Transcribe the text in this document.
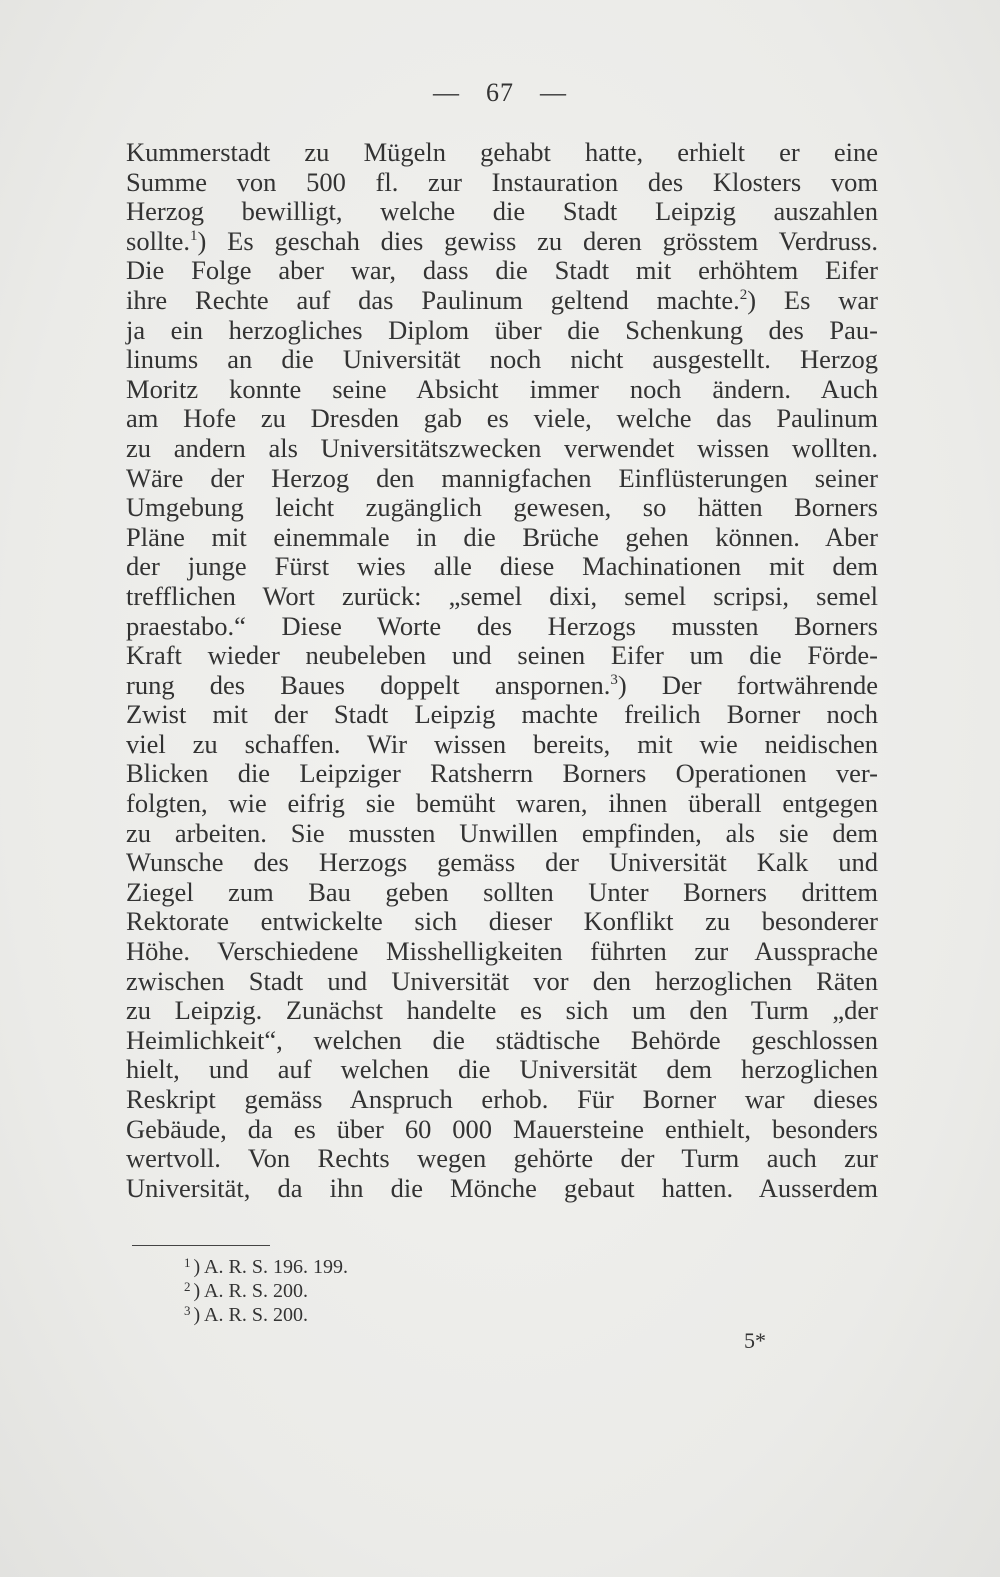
— 67 —
Kummerstadt zu Mügeln gehabt hatte, erhielt er eine
Summe von 500 fl. zur Instauration des Klosters vom
Herzog bewilligt, welche die Stadt Leipzig auszahlen
sollte.$^1$) Es geschah dies gewiss zu deren grösstem Verdruss.
Die Folge aber war, dass die Stadt mit erhöhtem Eifer
ihre Rechte auf das Paulinum geltend machte.$^2$) Es war
ja ein herzogliches Diplom über die Schenkung des Pau-
linums an die Universität noch nicht ausgestellt. Herzog
Moritz konnte seine Absicht immer noch ändern. Auch
am Hofe zu Dresden gab es viele, welche das Paulinum
zu andern als Universitätszwecken verwendet wissen wollten.
Wäre der Herzog den mannigfachen Einflüsterungen seiner
Umgebung leicht zugänglich gewesen, so hätten Borners
Pläne mit einemmale in die Brüche gehen können. Aber
der junge Fürst wies alle diese Machinationen mit dem
trefflichen Wort zurück: „semel dixi, semel scripsi, semel
praestabo.“ Diese Worte des Herzogs mussten Borners
Kraft wieder neubeleben und seinen Eifer um die Förde-
rung des Baues doppelt anspornen.$^3$) Der fortwährende
Zwist mit der Stadt Leipzig machte freilich Borner noch
viel zu schaffen. Wir wissen bereits, mit wie neidischen
Blicken die Leipziger Ratsherrn Borners Operationen ver-
folgten, wie eifrig sie bemüht waren, ihnen überall entgegen
zu arbeiten. Sie mussten Unwillen empfinden, als sie dem
Wunsche des Herzogs gemäss der Universität Kalk und
Ziegel zum Bau geben sollten Unter Borners drittem
Rektorate entwickelte sich dieser Konflikt zu besonderer
Höhe. Verschiedene Misshelligkeiten führten zur Aussprache
zwischen Stadt und Universität vor den herzoglichen Räten
zu Leipzig. Zunächst handelte es sich um den Turm „der
Heimlichkeit“, welchen die städtische Behörde geschlossen
hielt, und auf welchen die Universität dem herzoglichen
Reskript gemäss Anspruch erhob. Für Borner war dieses
Gebäude, da es über 60 000 Mauersteine enthielt, besonders
wertvoll. Von Rechts wegen gehörte der Turm auch zur
Universität, da ihn die Mönche gebaut hatten. Ausserdem
$^1$ ) A. R. S. 196. 199.
$^2$ ) A. R. S. 200.
$^3$ ) A. R. S. 200.
5*
